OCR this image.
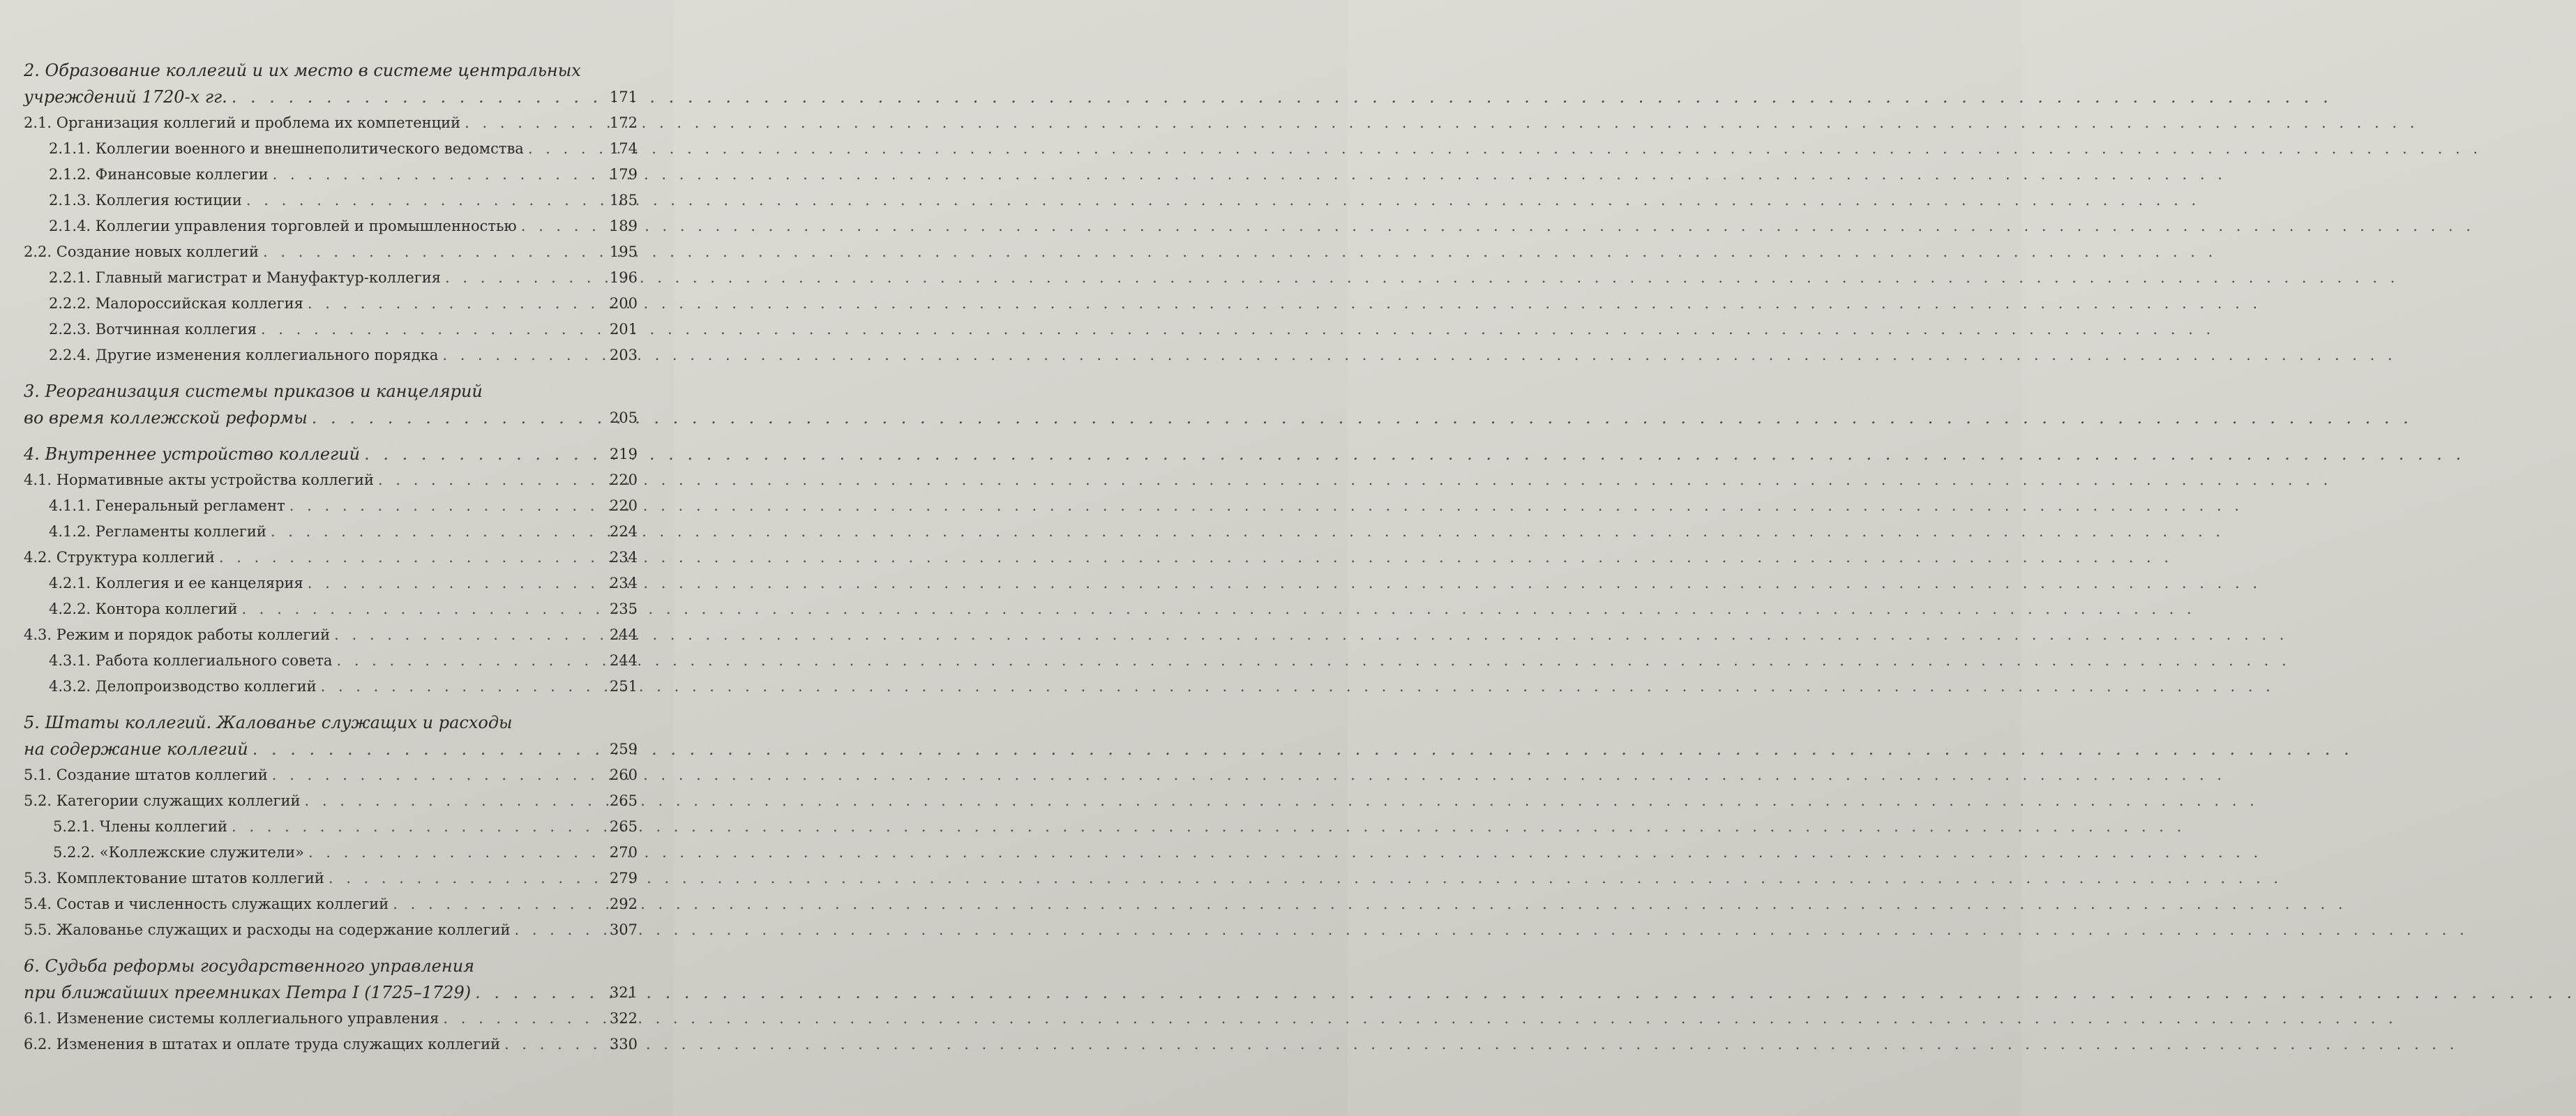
2. Образование коллегий и их место в системе центральных
учреждений 1720-х гг. . . .	171
2.1. Организация коллегий и проблема их компетенций . . .	172
2.1.1. Коллегии военного и внешнеполитического ведомства . . .	174
2.1.2. Финансовые коллегии . . .	179
2.1.3. Коллегия юстиции . . .	185
2.1.4. Коллегии управления торговлей и промышленностью . . .	189
2.2. Создание новых коллегий . . .	195
2.2.1. Главный магистрат и Мануфактур-коллегия . . .	196
2.2.2. Малороссийская коллегия . . .	200
2.2.3. Вотчинная коллегия . . .	201
2.2.4. Другие изменения коллегиального порядка . . .	203
3. Реорганизация системы приказов и канцелярий
во время коллежской реформы . . .	205
4. Внутреннее устройство коллегий . . .	219
4.1. Нормативные акты устройства коллегий . . .	220
4.1.1. Генеральный регламент . . .	220
4.1.2. Регламенты коллегий . . .	224
4.2. Структура коллегий . . .	234
4.2.1. Коллегия и ее канцелярия . . .	234
4.2.2. Контора коллегий . . .	235
4.3. Режим и порядок работы коллегий . . .	244
4.3.1. Работа коллегиального совета . . .	244
4.3.2. Делопроизводство коллегий . . .	251
5. Штаты коллегий. Жалованье служащих и расходы
на содержание коллегий . . .	259
5.1. Создание штатов коллегий . . .	260
5.2. Категории служащих коллегий . . .	265
5.2.1. Члены коллегий . . .	265
5.2.2. «Коллежские служители» . . .	270
5.3. Комплектование штатов коллегий . . .	279
5.4. Состав и численность служащих коллегий . . .	292
5.5. Жалованье служащих и расходы на содержание коллегий . . .	307
6. Судьба реформы государственного управления
при ближайших преемниках Петра I (1725–1729) . . .	321
6.1. Изменение системы коллегиального управления . . .	322
6.2. Изменения в штатах и оплате труда служащих коллегий . . .	330
